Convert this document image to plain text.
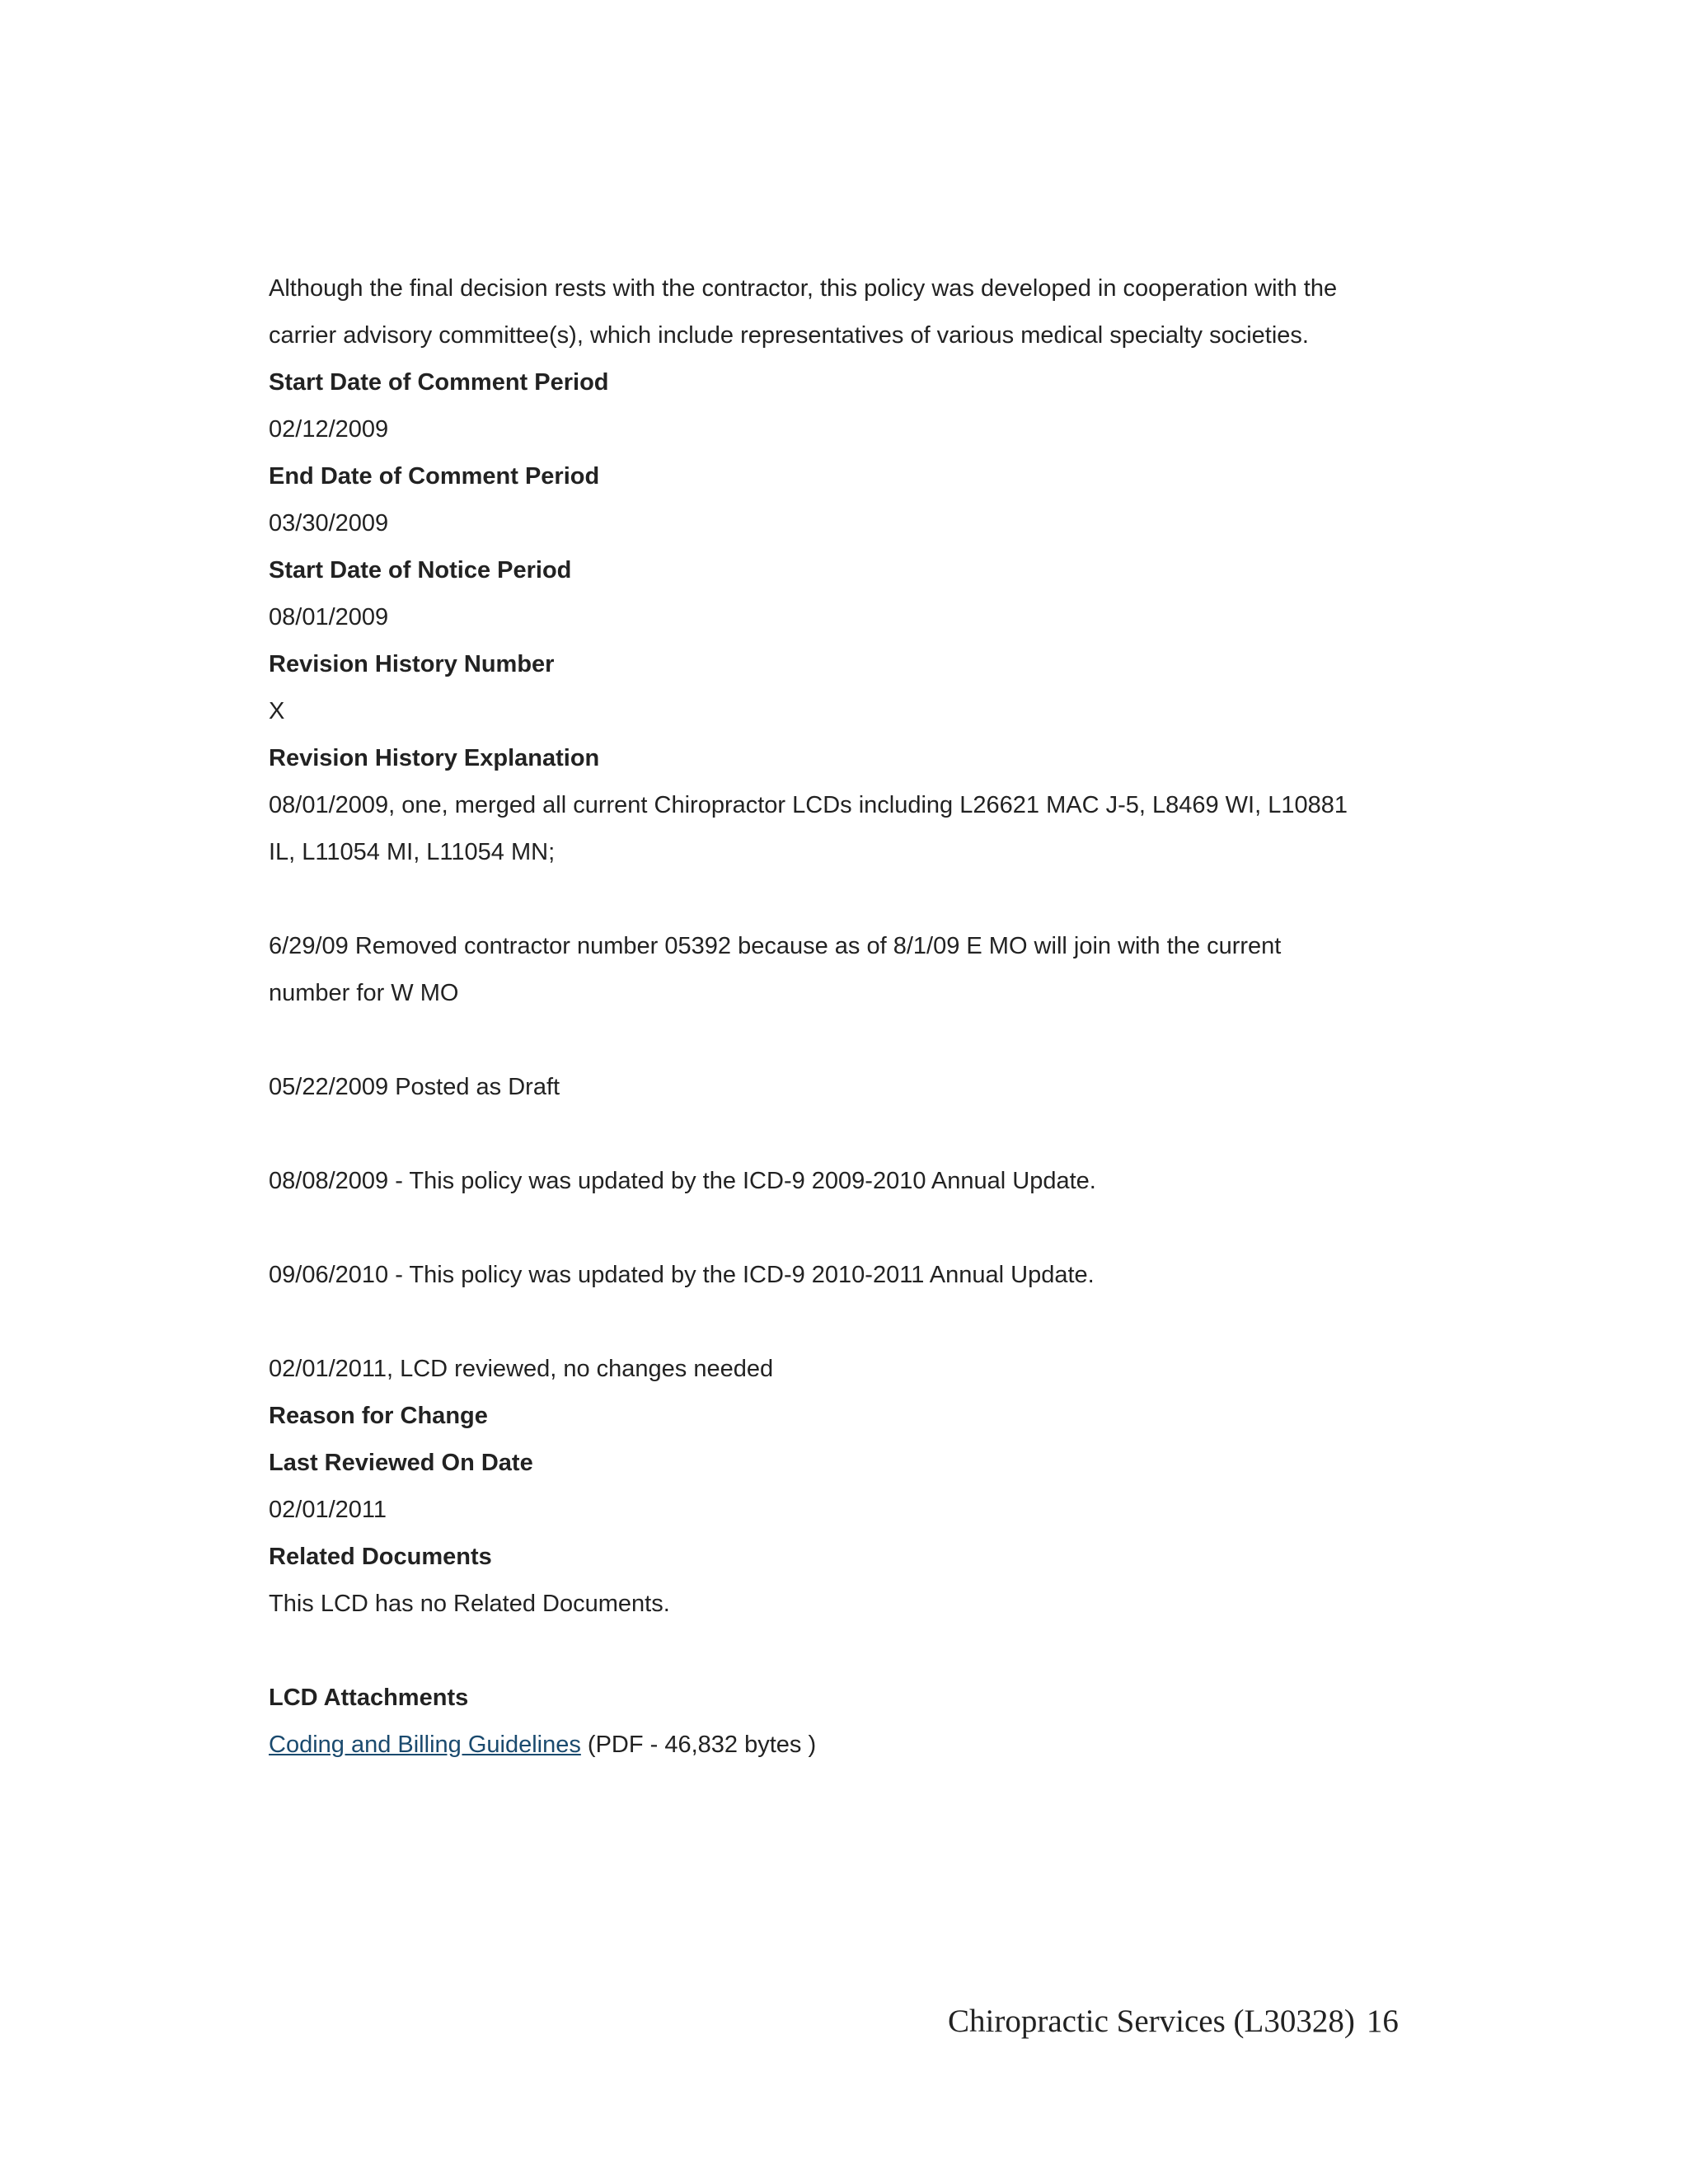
Although the final decision rests with the contractor, this policy was developed in cooperation with the
carrier advisory committee(s), which include representatives of various medical specialty societies.
Start Date of Comment Period
02/12/2009
End Date of Comment Period
03/30/2009
Start Date of Notice Period
08/01/2009
Revision History Number
X
Revision History Explanation
08/01/2009, one, merged all current Chiropractor LCDs including L26621 MAC J-5, L8469 WI, L10881
IL, L11054 MI, L11054 MN;
6/29/09 Removed contractor number 05392 because as of 8/1/09 E MO will join with the current
number for W MO
05/22/2009 Posted as Draft
08/08/2009 - This policy was updated by the ICD-9 2009-2010 Annual Update.
09/06/2010 - This policy was updated by the ICD-9 2010-2011 Annual Update.
02/01/2011, LCD reviewed, no changes needed
Reason for Change
Last Reviewed On Date
02/01/2011
Related Documents
This LCD has no Related Documents.
LCD Attachments
Coding and Billing Guidelines (PDF - 46,832 bytes )
Chiropractic Services (L30328) 16
